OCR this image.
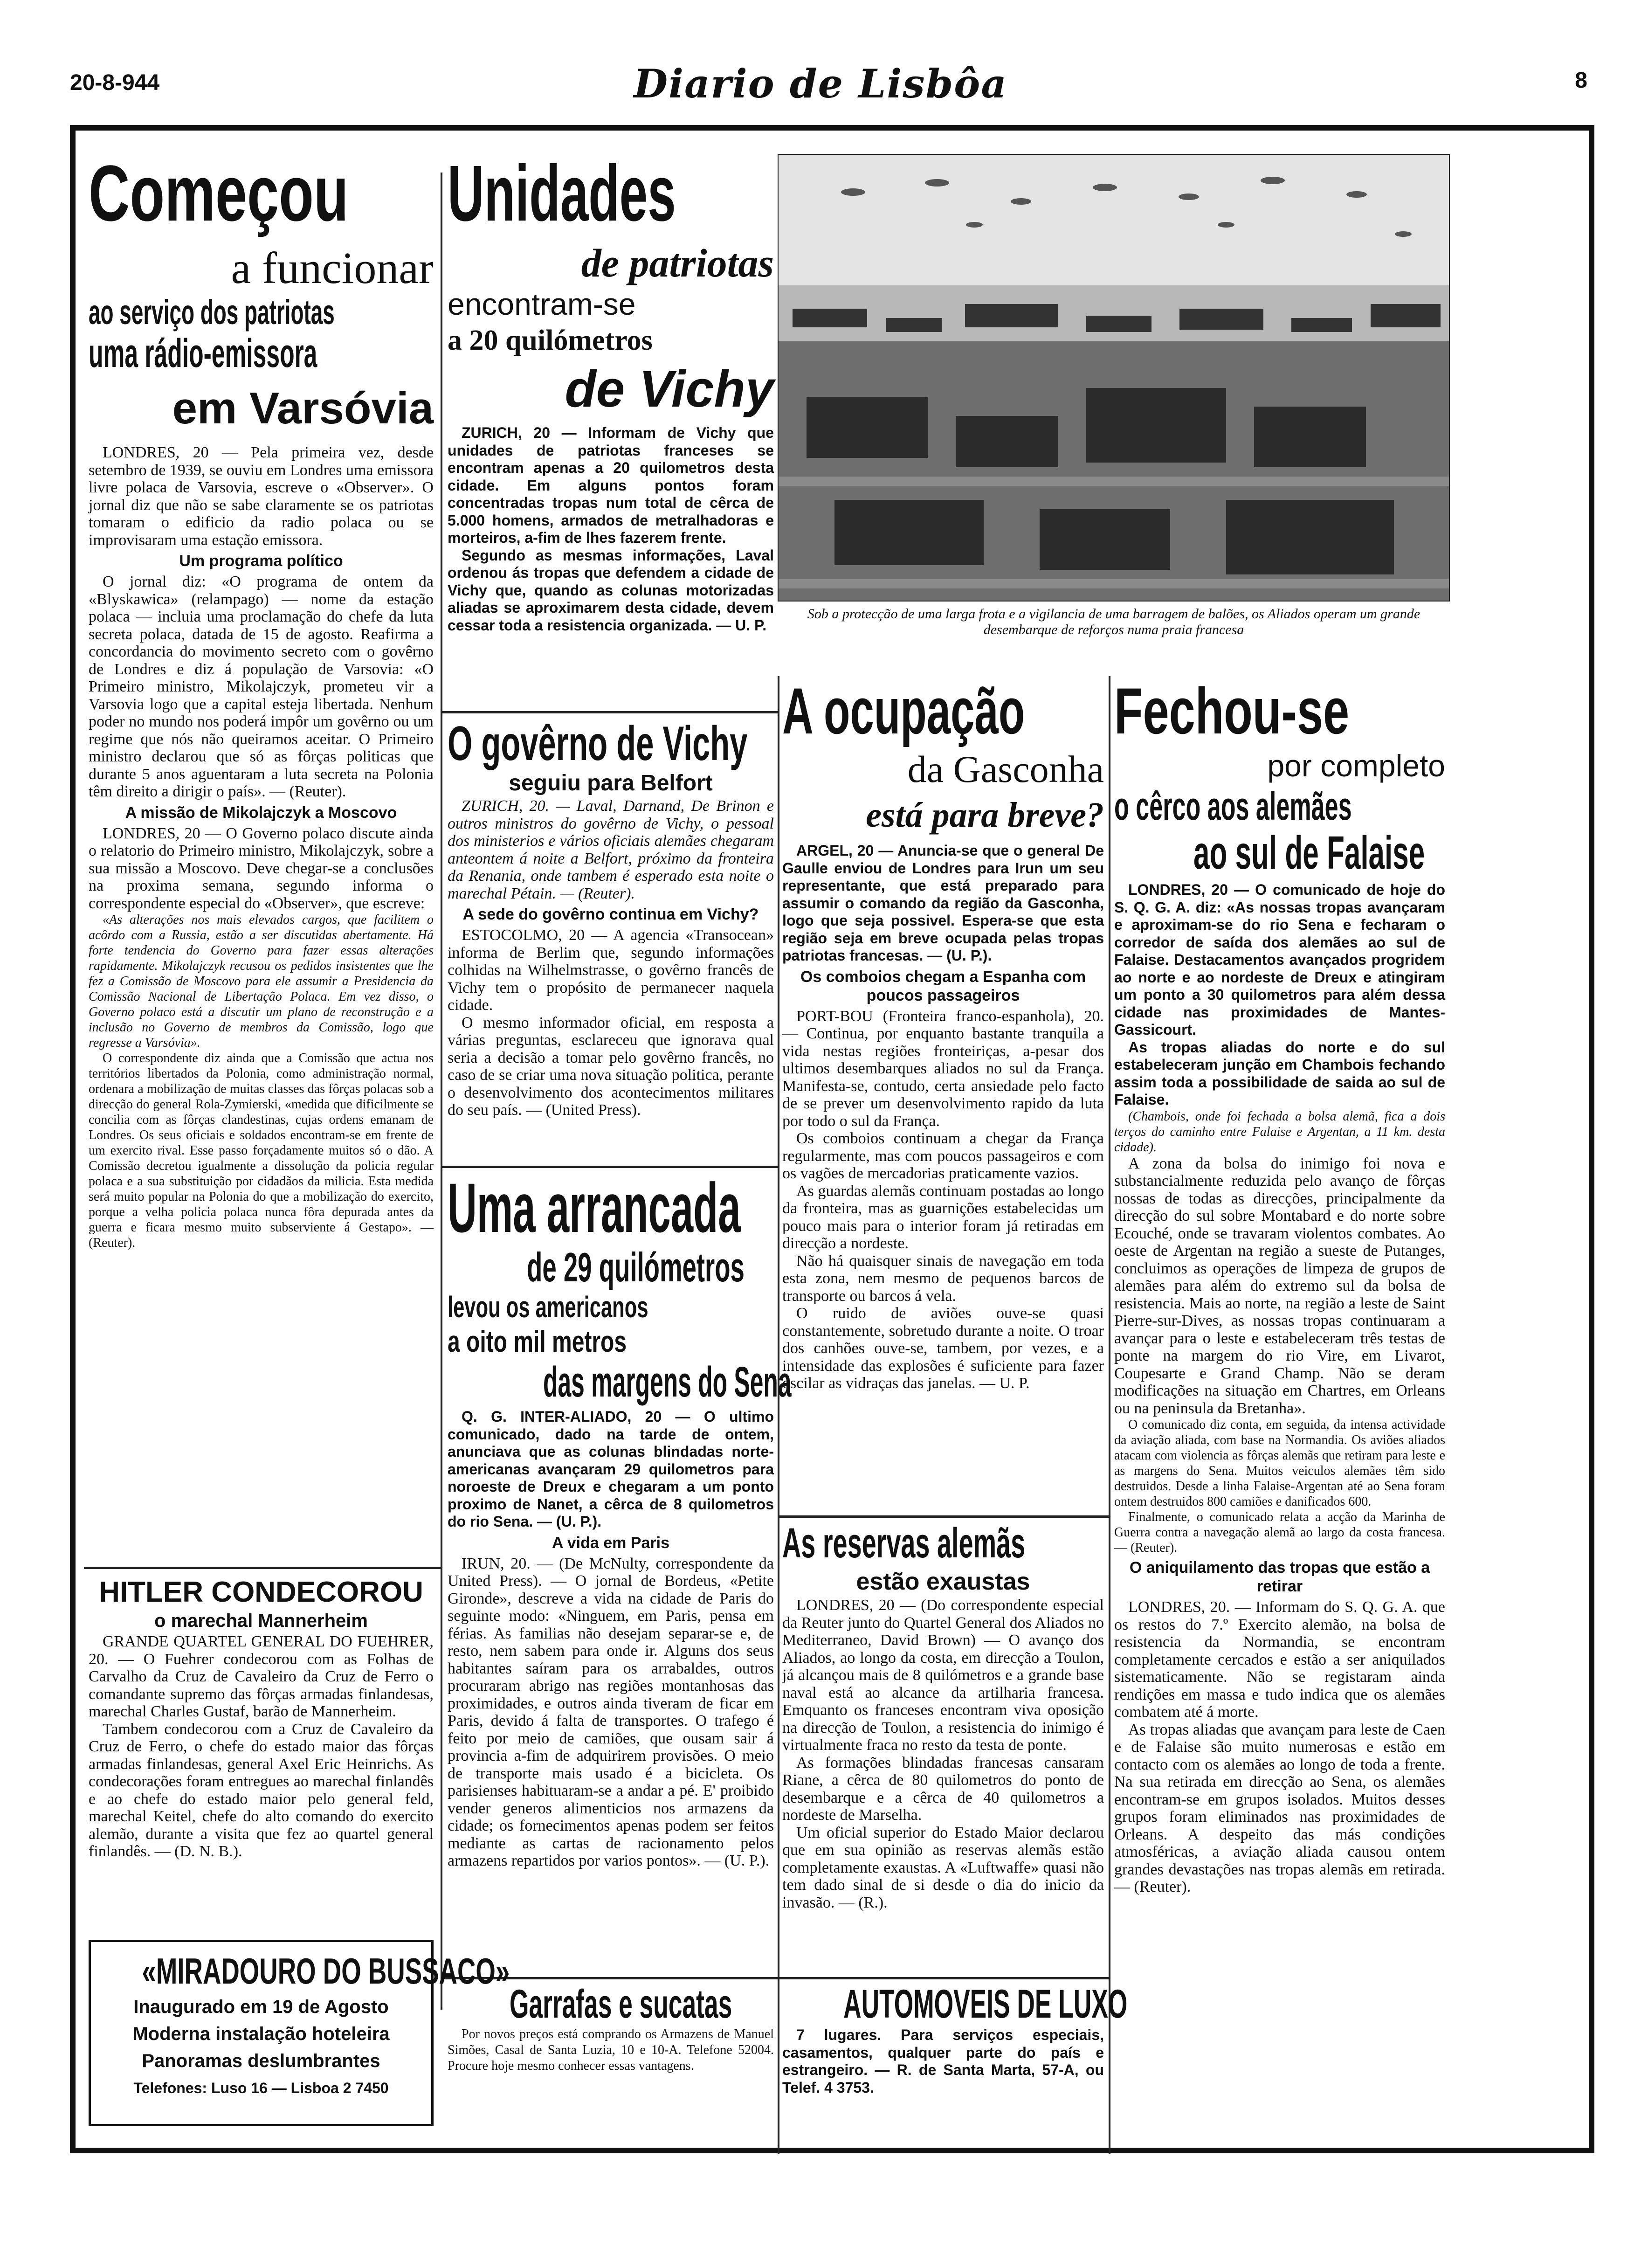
20-8-944	Diario de Lisbôa	8
Começou
a funcionar
ao serviço dos patriotas
uma rádio-emissora
em Varsóvia

LONDRES, 20 — Pela primeira vez, desde setembro de 1939, se ouviu em Londres uma emissora livre polaca de Varsovia, escreve o «Observer». O jornal diz que não se sabe claramente se os patriotas tomaram o edificio da radio polaca ou se improvisaram uma estação emissora.

Um programa político

O jornal diz: «O programa de ontem da «Blyskawica» (relampago) — nome da estação polaca — incluia uma proclamação do chefe da luta secreta polaca, datada de 15 de agosto. Reafirma a concordancia do movimento secreto com o govêrno de Londres e diz á população de Varsovia: «O Primeiro ministro, Mikolajczyk, prometeu vir a Varsovia logo que a capital esteja libertada. Nenhum poder no mundo nos poderá impôr um govêrno ou um regime que nós não queiramos aceitar. O Primeiro ministro declarou que só as fôrças politicas que durante 5 anos aguentaram a luta secreta na Polonia têm direito a dirigir o país». — (Reuter).

A missão de Mikolajczyk a Moscovo

LONDRES, 20 — O Governo polaco discute ainda o relatorio do Primeiro ministro, Mikolajczyk, sobre a sua missão a Moscovo. Deve chegar-se a conclusões na proxima semana, segundo informa o correspondente especial do «Observer», que escreve:

«As alterações nos mais elevados cargos, que facilitem o acôrdo com a Russia, estão a ser discutidas abertamente. Há forte tendencia do Governo para fazer essas alterações rapidamente. Mikolajczyk recusou os pedidos insistentes que lhe fez a Comissão de Moscovo para ele assumir a Presidencia da Comissão Nacional de Libertação Polaca. Em vez disso, o Governo polaco está a discutir um plano de reconstrução e a inclusão no Governo de membros da Comissão, logo que regresse a Varsóvia».

O correspondente diz ainda que a Comissão que actua nos territórios libertados da Polonia, como administração normal, ordenara a mobilização de muitas classes das fôrças polacas sob a direcção do general Rola-Zymierski, «medida que dificilmente se concilia com as fôrças clandestinas, cujas ordens emanam de Londres. Os seus oficiais e soldados encontram-se em frente de um exercito rival. Esse passo forçadamente muitos só o dão. A Comissão decretou igualmente a dissolução da policia regular polaca e a sua substituição por cidadãos da milicia. Esta medida será muito popular na Polonia do que a mobilização do exercito, porque a velha policia polaca nunca fôra depurada antes da guerra e ficara mesmo muito subserviente á Gestapo». — (Reuter).

HITLER CONDECOROU
o marechal Mannerheim

GRANDE QUARTEL GENERAL DO FUEHRER, 20. — O Fuehrer condecorou com as Folhas de Carvalho da Cruz de Cavaleiro da Cruz de Ferro o comandante supremo das fôrças armadas finlandesas, marechal Charles Gustaf, barão de Mannerheim.

Tambem condecorou com a Cruz de Cavaleiro da Cruz de Ferro, o chefe do estado maior das fôrças armadas finlandesas, general Axel Eric Heinrichs. As condecorações foram entregues ao marechal finlandês e ao chefe do estado maior pelo general feld, marechal Keitel, chefe do alto comando do exercito alemão, durante a visita que fez ao quartel general finlandês. — (D. N. B.).

«MIRADOURO DO BUSSACO»
Inaugurado em 19 de Agosto
Moderna instalação hoteleira
Panoramas deslumbrantes
Telefones: Luso 16 — Lisboa 2 7450
Unidades
de patriotas
encontram-se
a 20 quilómetros
de Vichy

ZURICH, 20 — Informam de Vichy que unidades de patriotas franceses se encontram apenas a 20 quilometros desta cidade. Em alguns pontos foram concentradas tropas num total de cêrca de 5.000 homens, armados de metralhadoras e morteiros, a-fim de lhes fazerem frente.

Segundo as mesmas informações, Laval ordenou ás tropas que defendem a cidade de Vichy que, quando as colunas motorizadas aliadas se aproximarem desta cidade, devem cessar toda a resistencia organizada. — U. P.

O govêrno de Vichy
seguiu para Belfort

ZURICH, 20. — Laval, Darnand, De Brinon e outros ministros do govêrno de Vichy, o pessoal dos ministerios e vários oficiais alemães chegaram anteontem á noite a Belfort, próximo da fronteira da Renania, onde tambem é esperado esta noite o marechal Pétain. — (Reuter).

A sede do govêrno continua em Vichy?

ESTOCOLMO, 20 — A agencia «Transocean» informa de Berlim que, segundo informações colhidas na Wilhelmstrasse, o govêrno francês de Vichy tem o propósito de permanecer naquela cidade.

O mesmo informador oficial, em resposta a várias preguntas, esclareceu que ignorava qual seria a decisão a tomar pelo govêrno francês, no caso de se criar uma nova situação politica, perante o desenvolvimento dos acontecimentos militares do seu país. — (United Press).

Uma arrancada
de 29 quilómetros
levou os americanos
a oito mil metros
das margens do Sena

Q. G. INTER-ALIADO, 20 — O ultimo comunicado, dado na tarde de ontem, anunciava que as colunas blindadas norte-americanas avançaram 29 quilometros para noroeste de Dreux e chegaram a um ponto proximo de Nanet, a cêrca de 8 quilometros do rio Sena. — (U. P.).

A vida em Paris

IRUN, 20. — (De McNulty, correspondente da United Press). — O jornal de Bordeus, «Petite Gironde», descreve a vida na cidade de Paris do seguinte modo: «Ninguem, em Paris, pensa em férias. As familias não desejam separar-se e, de resto, nem sabem para onde ir. Alguns dos seus habitantes saíram para os arrabaldes, outros procuraram abrigo nas regiões montanhosas das proximidades, e outros ainda tiveram de ficar em Paris, devido á falta de transportes. O trafego é feito por meio de camiões, que ousam sair á provincia a-fim de adquirirem provisões. O meio de transporte mais usado é a bicicleta. Os parisienses habituaram-se a andar a pé. E' proibido vender generos alimenticios nos armazens da cidade; os fornecimentos apenas podem ser feitos mediante as cartas de racionamento pelos armazens repartidos por varios pontos». — (U. P.).

Garrafas e sucatas

Por novos preços está comprando os Armazens de Manuel Simões, Casal de Santa Luzia, 10 e 10-A. Telefone 52004. Procure hoje mesmo conhecer essas vantagens.

Sob a protecção de uma larga frota e a vigilancia de uma barragem de balões, os Aliados operam um grande desembarque de reforços numa praia francesa
A ocupação
da Gasconha
está para breve?

ARGEL, 20 — Anuncia-se que o general De Gaulle enviou de Londres para Irun um seu representante, que está preparado para assumir o comando da região da Gasconha, logo que seja possivel. Espera-se que esta região seja em breve ocupada pelas tropas patriotas francesas. — (U. P.).

Os comboios chegam a Espanha com poucos passageiros

PORT-BOU (Fronteira franco-espanhola), 20. — Continua, por enquanto bastante tranquila a vida nestas regiões fronteiriças, a-pesar dos ultimos desembarques aliados no sul da França. Manifesta-se, contudo, certa ansiedade pelo facto de se prever um desenvolvimento rapido da luta por todo o sul da França.

Os comboios continuam a chegar da França regularmente, mas com poucos passageiros e com os vagões de mercadorias praticamente vazios.

As guardas alemãs continuam postadas ao longo da fronteira, mas as guarnições estabelecidas um pouco mais para o interior foram já retiradas em direcção a nordeste.

Não há quaisquer sinais de navegação em toda esta zona, nem mesmo de pequenos barcos de transporte ou barcos á vela.

O ruido de aviões ouve-se quasi constantemente, sobretudo durante a noite. O troar dos canhões ouve-se, tambem, por vezes, e a intensidade das explosões é suficiente para fazer oscilar as vidraças das janelas. — U. P.

As reservas alemãs
estão exaustas

LONDRES, 20 — (Do correspondente especial da Reuter junto do Quartel General dos Aliados no Mediterraneo, David Brown) — O avanço dos Aliados, ao longo da costa, em direcção a Toulon, já alcançou mais de 8 quilómetros e a grande base naval está ao alcance da artilharia francesa. Emquanto os franceses encontram viva oposição na direcção de Toulon, a resistencia do inimigo é virtualmente fraca no resto da testa de ponte.

As formações blindadas francesas cansaram Riane, a cêrca de 80 quilometros do ponto de desembarque e a cêrca de 40 quilometros a nordeste de Marselha.

Um oficial superior do Estado Maior declarou que em sua opinião as reservas alemãs estão completamente exaustas. A «Luftwaffe» quasi não tem dado sinal de si desde o dia do inicio da invasão. — (R.).

AUTOMOVEIS DE LUXO

7 lugares. Para serviços especiais, casamentos, qualquer parte do país e estrangeiro. — R. de Santa Marta, 57-A, ou Telef. 4 3753.

Fechou-se
por completo
o cêrco aos alemães
ao sul de Falaise

LONDRES, 20 — O comunicado de hoje do S. Q. G. A. diz: «As nossas tropas avançaram e aproximam-se do rio Sena e fecharam o corredor de saída dos alemães ao sul de Falaise. Destacamentos avançados progridem ao norte e ao nordeste de Dreux e atingiram um ponto a 30 quilometros para além dessa cidade nas proximidades de Mantes-Gassicourt.

As tropas aliadas do norte e do sul estabeleceram junção em Chambois fechando assim toda a possibilidade de saida ao sul de Falaise.

(Chambois, onde foi fechada a bolsa alemã, fica a dois terços do caminho entre Falaise e Argentan, a 11 km. desta cidade).

A zona da bolsa do inimigo foi nova e substancialmente reduzida pelo avanço de fôrças nossas de todas as direcções, principalmente da direcção do sul sobre Montabard e do norte sobre Ecouché, onde se travaram violentos combates. Ao oeste de Argentan na região a sueste de Putanges, concluimos as operações de limpeza de grupos de alemães para além do extremo sul da bolsa de resistencia. Mais ao norte, na região a leste de Saint Pierre-sur-Dives, as nossas tropas continuaram a avançar para o leste e estabeleceram três testas de ponte na margem do rio Vire, em Livarot, Coupesarte e Grand Champ. Não se deram modificações na situação em Chartres, em Orleans ou na peninsula da Bretanha».

O comunicado diz conta, em seguida, da intensa actividade da aviação aliada, com base na Normandia. Os aviões aliados atacam com violencia as fôrças alemãs que retiram para leste e as margens do Sena. Muitos veiculos alemães têm sido destruidos. Desde a linha Falaise-Argentan até ao Sena foram ontem destruidos 800 camiões e danificados 600.

Finalmente, o comunicado relata a acção da Marinha de Guerra contra a navegação alemã ao largo da costa francesa. — (Reuter).

O aniquilamento das tropas que estão a retirar

LONDRES, 20. — Informam do S. Q. G. A. que os restos do 7.º Exercito alemão, na bolsa de resistencia da Normandia, se encontram completamente cercados e estão a ser aniquilados sistematicamente. Não se registaram ainda rendições em massa e tudo indica que os alemães combatem até á morte.

As tropas aliadas que avançam para leste de Caen e de Falaise são muito numerosas e estão em contacto com os alemães ao longo de toda a frente. Na sua retirada em direcção ao Sena, os alemães encontram-se em grupos isolados. Muitos desses grupos foram eliminados nas proximidades de Orleans. A despeito das más condições atmosféricas, a aviação aliada causou ontem grandes devastações nas tropas alemãs em retirada. — (Reuter).
